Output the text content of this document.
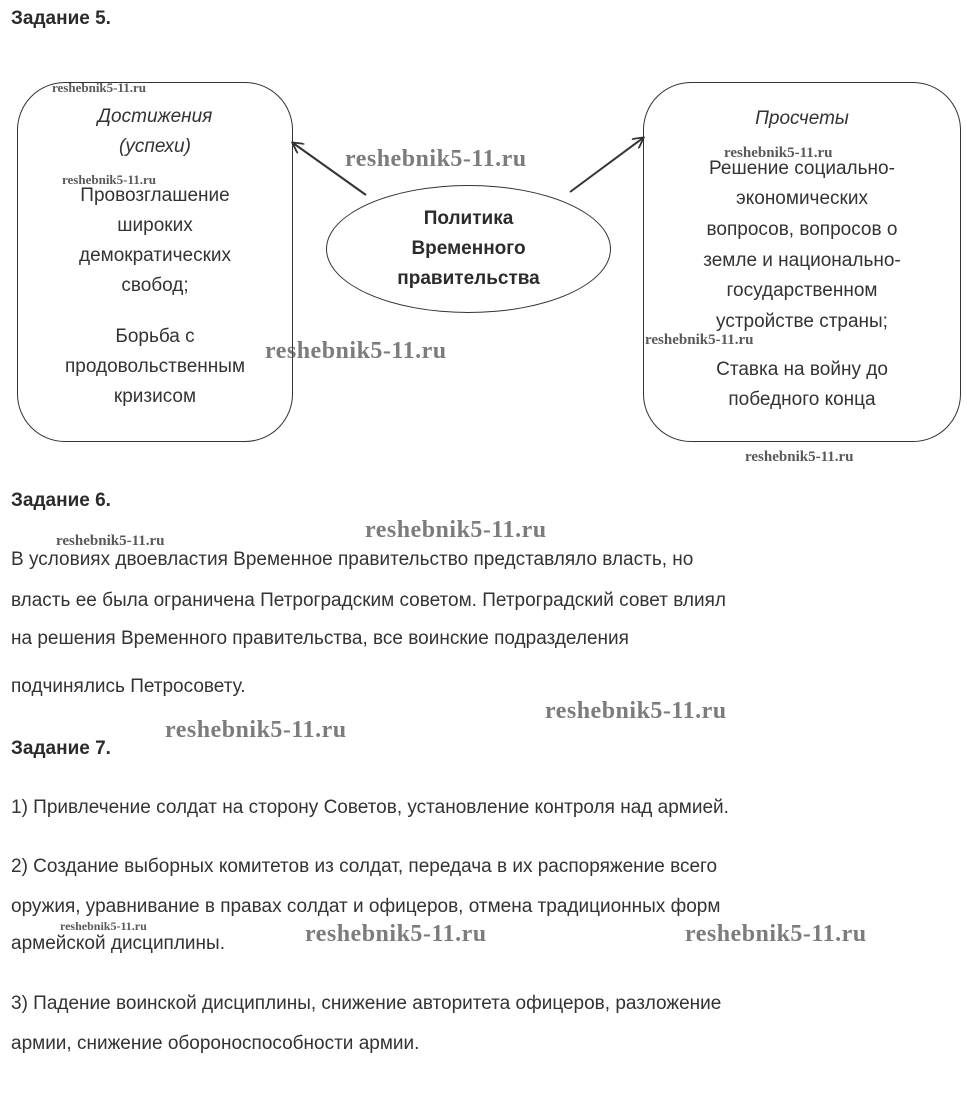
Задание 5.
Достижения
(успехи)
Провозглашение
широких
демократических
свобод;
Борьба с
продовольственным
кризисом
Политика
Временного
правительства
Просчеты
Решение социально-
экономических
вопросов, вопросов о
земле и национально-
государственном
устройстве страны;
Ставка на войну до
победного конца
Задание 6.
В условиях двоевластия Временное правительство представляло власть, но
власть ее была ограничена Петроградским советом. Петроградский совет влиял
на решения Временного правительства, все воинские подразделения
подчинялись Петросовету.
Задание 7.
1) Привлечение солдат на сторону Советов, установление контроля над армией.
2) Создание выборных комитетов из солдат, передача в их распоряжение всего
оружия, уравнивание в правах солдат и офицеров, отмена традиционных форм
армейской дисциплины.
3) Падение воинской дисциплины, снижение авторитета офицеров, разложение
армии, снижение обороноспособности армии.
reshebnik5-11.ru
reshebnik5-11.ru
reshebnik5-11.ru
reshebnik5-11.ru
reshebnik5-11.ru
reshebnik5-11.ru
reshebnik5-11.ru
reshebnik5-11.ru	reshebnik5-11.ru
reshebnik5-11.ru
reshebnik5-11.ru
reshebnik5-11.ru	reshebnik5-11.ru	reshebnik5-11.ru
